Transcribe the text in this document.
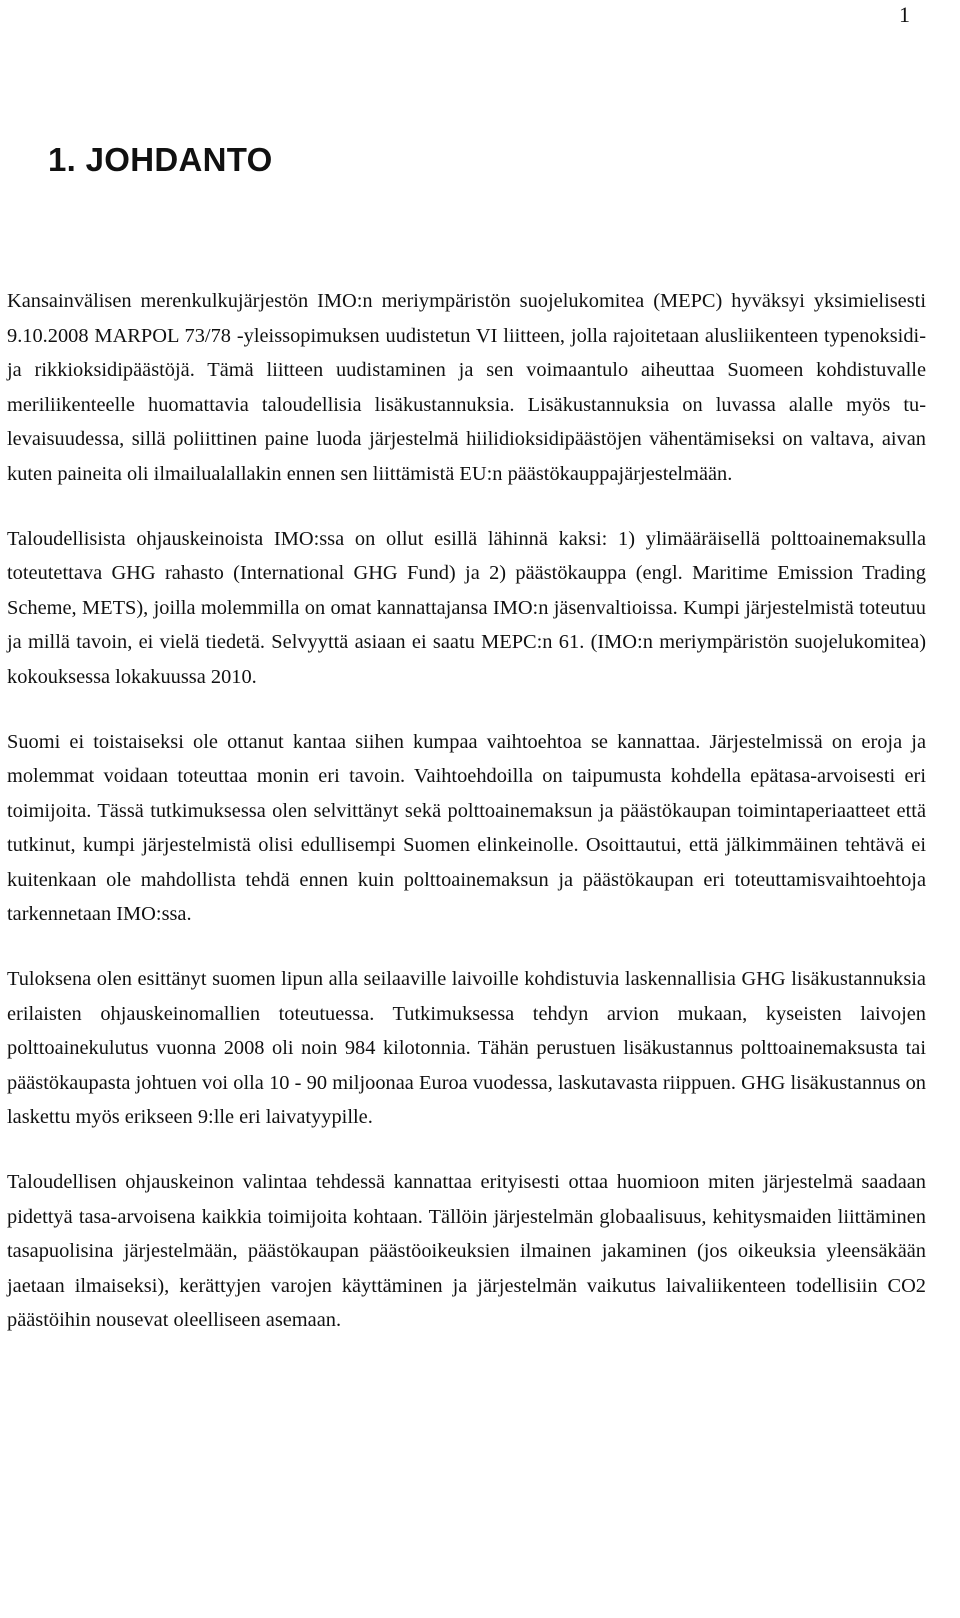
1
1. JOHDANTO

Kansainvälisen merenkulkujärjestön IMO:n meriympäristön suojelukomitea (MEPC) hyväksyi yksimielisesti 9.10.2008 MARPOL 73/78 -yleissopimuksen uudistetun VI liitteen, jolla rajoitetaan alusliikenteen typenoksidi- ja rikkioksidipäästöjä. Tämä liitteen uudistaminen ja sen voimaantulo aiheuttaa Suomeen kohdistuvalle meriliikenteelle huomattavia taloudellisia lisäkustannuksia. Lisäkustannuksia on luvassa alalle myös tulevaisuudessa, sillä poliittinen paine luoda järjestelmä hiilidioksidipäästöjen vähentämiseksi on valtava, aivan kuten paineita oli ilmailualallakin ennen sen liittämistä EU:n päästökauppajärjestelmään.

Taloudellisista ohjauskeinoista IMO:ssa on ollut esillä lähinnä kaksi: 1) ylimääräisellä polttoainemaksulla toteutettava GHG rahasto (International GHG Fund) ja 2) päästökauppa (engl. Maritime Emission Trading Scheme, METS), joilla molemmilla on omat kannattajansa IMO:n jäsenvaltioissa. Kumpi järjestelmistä toteutuu ja millä tavoin, ei vielä tiedetä. Selvyyttä asiaan ei saatu MEPC:n 61. (IMO:n meriympäristön suojelukomitea) kokouksessa lokakuussa 2010.

Suomi ei toistaiseksi ole ottanut kantaa siihen kumpaa vaihtoehtoa se kannattaa. Järjestelmissä on eroja ja molemmat voidaan toteuttaa monin eri tavoin. Vaihtoehdoilla on taipumusta kohdella epätasa-arvoisesti eri toimijoita. Tässä tutkimuksessa olen selvittänyt sekä polttoainemaksun ja päästökaupan toimintaperiaatteet että tutkinut, kumpi järjestelmistä olisi edullisempi Suomen elinkeinolle. Osoittautui, että jälkimmäinen tehtävä ei kuitenkaan ole mahdollista tehdä ennen kuin polttoainemaksun ja päästökaupan eri toteuttamisvaihtoehtoja tarkennetaan IMO:ssa.

Tuloksena olen esittänyt suomen lipun alla seilaaville laivoille kohdistuvia laskennallisia GHG lisäkustannuksia erilaisten ohjauskeinomallien toteutuessa. Tutkimuksessa tehdyn arvion mukaan, kyseisten laivojen polttoainekulutus vuonna 2008 oli noin 984 kilotonnia. Tähän perustuen lisäkustannus polttoainemaksusta tai päästökaupasta johtuen voi olla 10 - 90 miljoonaa Euroa vuodessa, laskutavasta riippuen. GHG lisäkustannus on laskettu myös erikseen 9:lle eri laivatyypille.

Taloudellisen ohjauskeinon valintaa tehdessä kannattaa erityisesti ottaa huomioon miten järjestelmä saadaan pidettyä tasa-arvoisena kaikkia toimijoita kohtaan. Tällöin järjestelmän globaalisuus, kehitysmaiden liittäminen tasapuolisina järjestelmään, päästökaupan päästöoikeuksien ilmainen jakaminen (jos oikeuksia yleensäkään jaetaan ilmaiseksi), kerättyjen varojen käyttäminen ja järjestelmän vaikutus laivaliikenteen todellisiin CO2 päästöihin nousevat oleelliseen asemaan.
